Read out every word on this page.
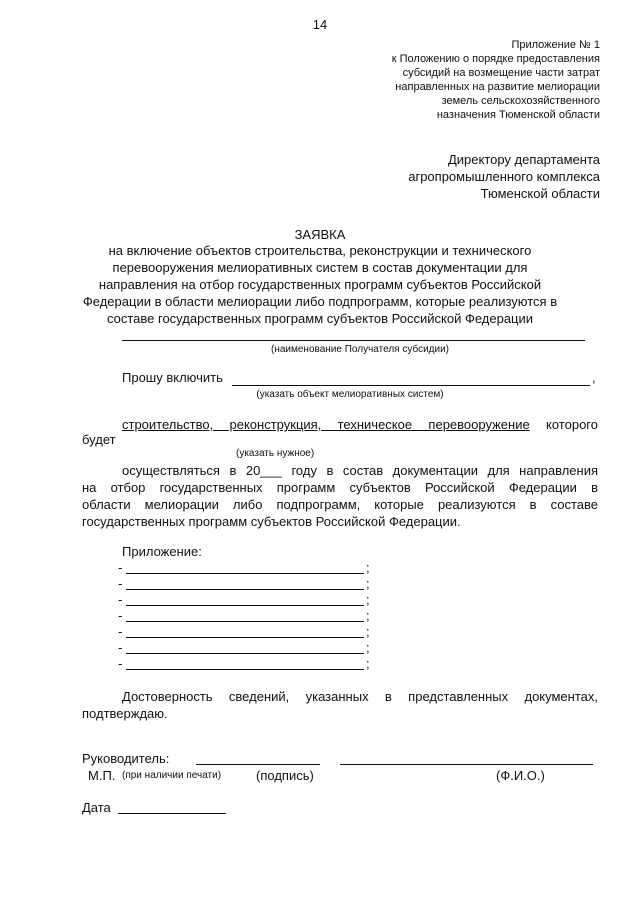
14
Приложение № 1
к Положению о порядке предоставления
субсидий на возмещение части затрат
направленных на развитие мелиорации
земель сельскохозяйственного
назначения Тюменской области
Директору департамента
агропромышленного комплекса
Тюменской области
ЗАЯВКА
на включение объектов строительства, реконструкции и технического
перевооружения мелиоративных систем в состав документации для
направления на отбор государственных программ субъектов Российской
Федерации в области мелиорации либо подпрограмм, которые реализуются в
составе государственных программ субъектов Российской Федерации
(наименование Получателя субсидии)
Прошу включить	,
(указать объект мелиоративных систем)
строительство, реконструкция, техническое перевооружение которого
будет
(указать нужное)
осуществляться в 20___ году в состав документации для направления
на отбор государственных программ субъектов Российской Федерации в
области мелиорации либо подпрограмм, которые реализуются в составе
государственных программ субъектов Российской Федерации.
Приложение:
-	;
-	;
-	;
-	;
-	;
-	;
-	;
Достоверность сведений, указанных в представленных документах,
подтверждаю.
Руководитель:
М.П. (при наличии печати)	(подпись)	(Ф.И.О.)
Дата
